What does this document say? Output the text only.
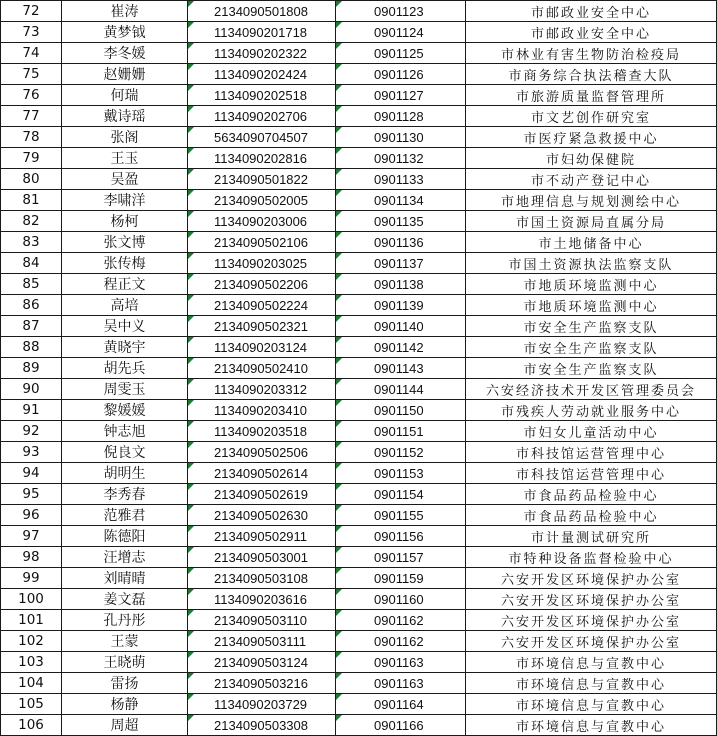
72	崔涛	2134090501808	0901123	市邮政业安全中心
73	黄梦钺	1134090201718	0901124	市邮政业安全中心
74	李冬媛	1134090202322	0901125	市林业有害生物防治检疫局
75	赵姗姗	1134090202424	0901126	市商务综合执法稽查大队
76	何瑞	1134090202518	0901127	市旅游质量监督管理所
77	戴诗瑶	1134090202706	0901128	市文艺创作研究室
78	张阁	5634090704507	0901130	市医疗紧急救援中心
79	王玉	1134090202816	0901132	市妇幼保健院
80	吴盈	2134090501822	0901133	市不动产登记中心
81	李啸洋	2134090502005	0901134	市地理信息与规划测绘中心
82	杨柯	1134090203006	0901135	市国土资源局直属分局
83	张文博	2134090502106	0901136	市土地储备中心
84	张传梅	1134090203025	0901137	市国土资源执法监察支队
85	程正文	2134090502206	0901138	市地质环境监测中心
86	高培	2134090502224	0901139	市地质环境监测中心
87	吴中义	2134090502321	0901140	市安全生产监察支队
88	黄晓宇	1134090203124	0901142	市安全生产监察支队
89	胡先兵	2134090502410	0901143	市安全生产监察支队
90	周雯玉	1134090203312	0901144	六安经济技术开发区管理委员会
91	黎媛媛	1134090203410	0901150	市残疾人劳动就业服务中心
92	钟志旭	1134090203518	0901151	市妇女儿童活动中心
93	倪良文	2134090502506	0901152	市科技馆运营管理中心
94	胡明生	2134090502614	0901153	市科技馆运营管理中心
95	李秀春	2134090502619	0901154	市食品药品检验中心
96	范雅君	2134090502630	0901155	市食品药品检验中心
97	陈德阳	2134090502911	0901156	市计量测试研究所
98	汪增志	2134090503001	0901157	市特种设备监督检验中心
99	刘晴晴	2134090503108	0901159	六安开发区环境保护办公室
100	姜文磊	1134090203616	0901160	六安开发区环境保护办公室
101	孔丹彤	2134090503110	0901162	六安开发区环境保护办公室
102	王蒙	2134090503111	0901162	六安开发区环境保护办公室
103	王晓萌	2134090503124	0901163	市环境信息与宣教中心
104	雷扬	2134090503216	0901163	市环境信息与宣教中心
105	杨静	1134090203729	0901164	市环境信息与宣教中心
106	周超	2134090503308	0901166	市环境信息与宣教中心
